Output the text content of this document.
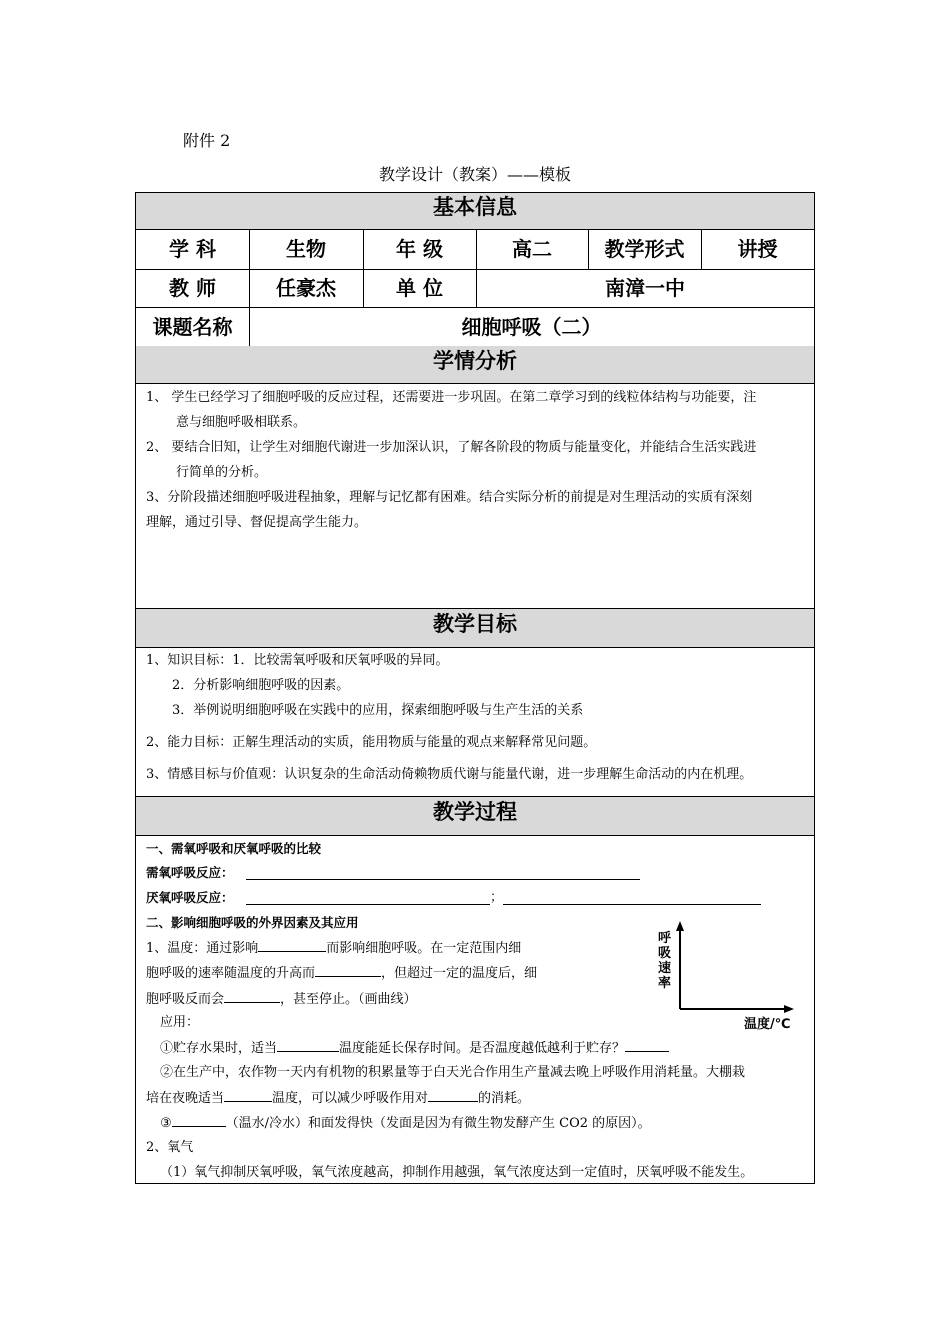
附件 2
教学设计（教案）——模板
基本信息
学 科	生物	年 级	高二	教学形式	讲授
教 师	任豪杰	单 位	南漳一中
课题名称	细胞呼吸（二）
学情分析
1、 学生已经学习了细胞呼吸的反应过程，还需要进一步巩固。在第二章学习到的线粒体结构与功能要，注
意与细胞呼吸相联系。
2、 要结合旧知，让学生对细胞代谢进一步加深认识，了解各阶段的物质与能量变化，并能结合生活实践进
行简单的分析。
3、分阶段描述细胞呼吸进程抽象，理解与记忆都有困难。结合实际分析的前提是对生理活动的实质有深刻
理解，通过引导、督促提高学生能力。
教学目标
1、知识目标：1．比较需氧呼吸和厌氧呼吸的异同。
2．分析影响细胞呼吸的因素。
3．举例说明细胞呼吸在实践中的应用，探索细胞呼吸与生产生活的关系
2、能力目标：正解生理活动的实质，能用物质与能量的观点来解释常见问题。
3、情感目标与价值观：认识复杂的生命活动倚赖物质代谢与能量代谢，进一步理解生命活动的内在机理。
教学过程
一、需氧呼吸和厌氧呼吸的比较
需氧呼吸反应：
厌氧呼吸反应：	；
二、影响细胞呼吸的外界因素及其应用
1、温度：通过影响	而影响细胞呼吸。在一定范围内细
胞呼吸的速率随温度的升高而	，但超过一定的温度后，细
胞呼吸反而会	，甚至停止。（画曲线）
应用：
①贮存水果时，适当	温度能延长保存时间。是否温度越低越利于贮存？
②在生产中，农作物一天内有机物的积累量等于白天光合作用生产量减去晚上呼吸作用消耗量。大棚栽
培在夜晚适当	温度，可以减少呼吸作用对	的消耗。
③	（温水/冷水）和面发得快（发面是因为有微生物发酵产生 CO2 的原因）。
2、氧气
（1）氧气抑制厌氧呼吸，氧气浓度越高，抑制作用越强，氧气浓度达到一定值时，厌氧呼吸不能发生。
呼吸速率
温度/℃
